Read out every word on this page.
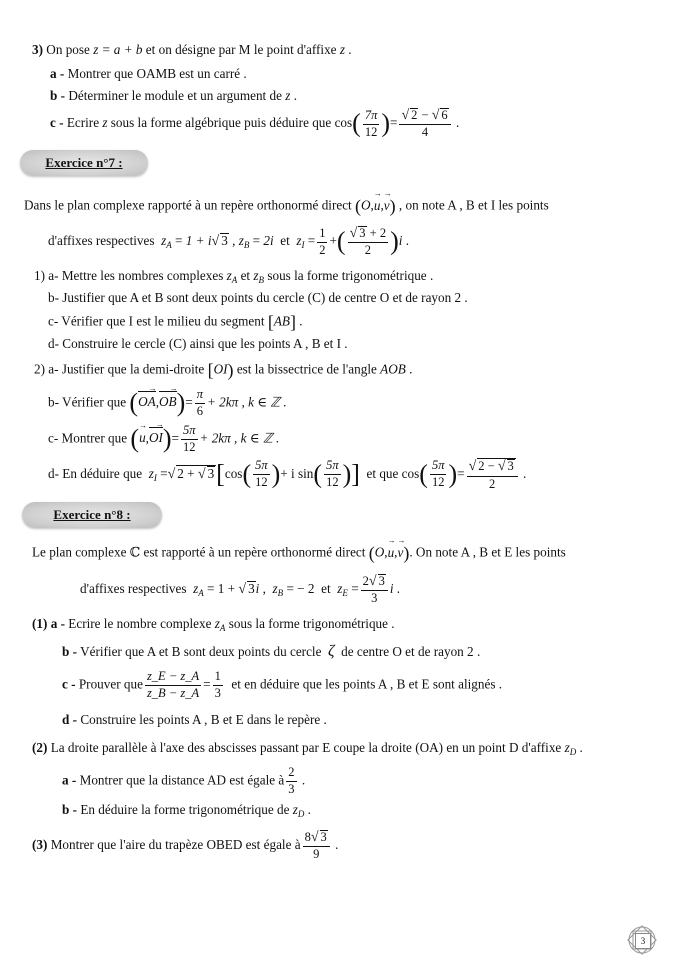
3) On pose z = a + b et on désigne par M le point d'affixe z .
a - Montrer que OAMB est un carré .
b - Déterminer le module et un argument de z .
c - Ecrire z sous la forme algébrique puis déduire que $\cos( \frac{7\pi}{12}$ )= $\frac{√ 2 - √ 6}{4}$ .
Exercice n°7 :
Dans le plan complexe rapporté à un repère orthonormé direct (O,→ u,→ v) , on note A , B et I les points
d'affixes respectives $z_A = 1 + i√$ 3 , $z_B = 2i$ et $z_I = \frac{1}{2}$ +( $\frac{√ 3 + 2}{2} )i$ .
1) a- Mettre les nombres complexes $z_A$ et $z_B$ sous la forme trigonométrique .
b- Justifier que A et B sont deux points du cercle (C) de centre O et de rayon 2 .
c- Vérifier que I est le milieu du segment [AB] .
d- Construire le cercle (C) ainsi que les points A , B et I .
2) a- Justifier que la demi-droite [OI) est la bissectrice de l'angle AOB .
b- Vérifier que (OA →,OB →)= $\frac{\pi}{6} + 2k\pi$ , k ∈ ℤ .
c- Montrer que (→ u,OI →)= $\frac{5\pi}{12} + 2k\pi$ , k ∈ ℤ .
d- En déduire que $z_I$ =√ 2 + √ $3[\cos( \frac{5\pi}{12}$ )+ i $\sin( \frac{5\pi}{12}$ )] et que $\cos( \frac{5\pi}{12}$ )= $\frac{√ 2 - √ 3}{2}$ .
Exercice n°8 :
Le plan complexe ℂ est rapporté à un repère orthonormé direct (O,→ u,→ v). On note A , B et E les points
d'affixes respectives $z_A = 1$ + √ 3i ,  $z_B$ = − 2 et $z_E = \frac{2√ 3}{3}$ i .
(1) a - Ecrire le nombre complexe $z_A$ sous la forme trigonométrique .
b - Vérifier que A et B sont deux points du cercle ζ de centre O et de rayon 2 .
c - Prouver que $\frac{z\_E - z\_A}{z\_B - z\_A} = \frac{1}{3}$ et en déduire que les points A , B et E sont alignés .
d - Construire les points A , B et E dans le repère .
(2) La droite parallèle à l'axe des abscisses passant par E coupe la droite (OA) en un point D d'affixe $z_D$ .
a - Montrer que la distance AD est égale à $\frac{2}{3}$ .
b - En déduire la forme trigonométrique de $z_D$ .
(3) Montrer que l'aire du trapèze OBED est égale à $\frac{8√ 3}{9}$ .
3
